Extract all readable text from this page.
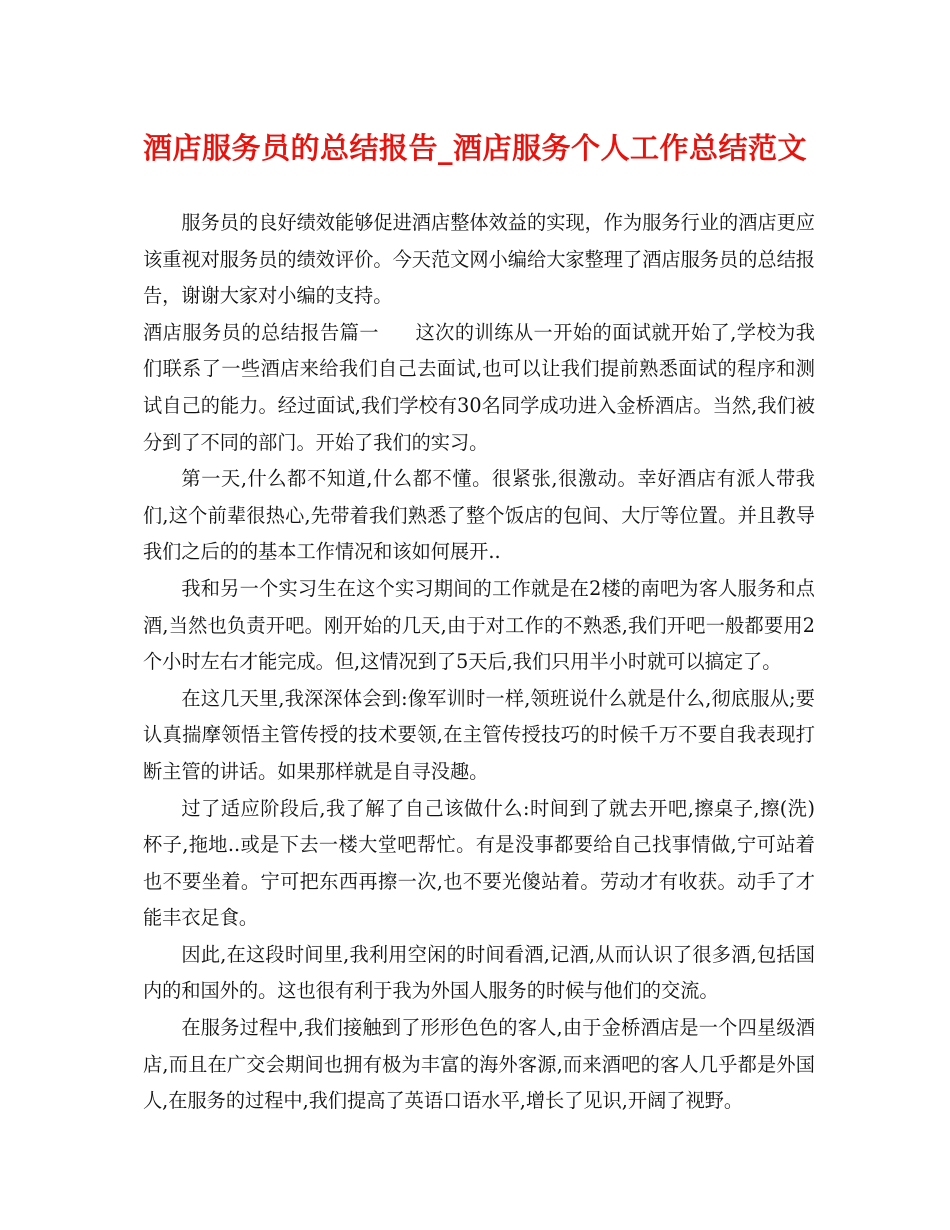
酒店服务员的总结报告_酒店服务个人工作总结范文

服务员的良好绩效能够促进酒店整体效益的实现，作为服务行业的酒店更应该重视对服务员的绩效评价。今天范文网小编给大家整理了酒店服务员的总结报告，谢谢大家对小编的支持。

酒店服务员的总结报告篇一 这次的训练从一开始的面试就开始了,学校为我们联系了一些酒店来给我们自己去面试,也可以让我们提前熟悉面试的程序和测试自己的能力。经过面试,我们学校有30名同学成功进入金桥酒店。当然,我们被分到了不同的部门。开始了我们的实习。

第一天,什么都不知道,什么都不懂。很紧张,很激动。幸好酒店有派人带我们,这个前辈很热心,先带着我们熟悉了整个饭店的包间、大厅等位置。并且教导我们之后的的基本工作情况和该如何展开..

我和另一个实习生在这个实习期间的工作就是在2楼的南吧为客人服务和点酒,当然也负责开吧。刚开始的几天,由于对工作的不熟悉,我们开吧一般都要用2个小时左右才能完成。但,这情况到了5天后,我们只用半小时就可以搞定了。

在这几天里,我深深体会到:像军训时一样,领班说什么就是什么,彻底服从;要认真揣摩领悟主管传授的技术要领,在主管传授技巧的时候千万不要自我表现打断主管的讲话。如果那样就是自寻没趣。

过了适应阶段后,我了解了自己该做什么:时间到了就去开吧,擦桌子,擦(洗)杯子,拖地..或是下去一楼大堂吧帮忙。有是没事都要给自己找事情做,宁可站着也不要坐着。宁可把东西再擦一次,也不要光傻站着。劳动才有收获。动手了才能丰衣足食。

因此,在这段时间里,我利用空闲的时间看酒,记酒,从而认识了很多酒,包括国内的和国外的。这也很有利于我为外国人服务的时候与他们的交流。

在服务过程中,我们接触到了形形色色的客人,由于金桥酒店是一个四星级酒店,而且在广交会期间也拥有极为丰富的海外客源,而来酒吧的客人几乎都是外国人,在服务的过程中,我们提高了英语口语水平,增长了见识,开阔了视野。
